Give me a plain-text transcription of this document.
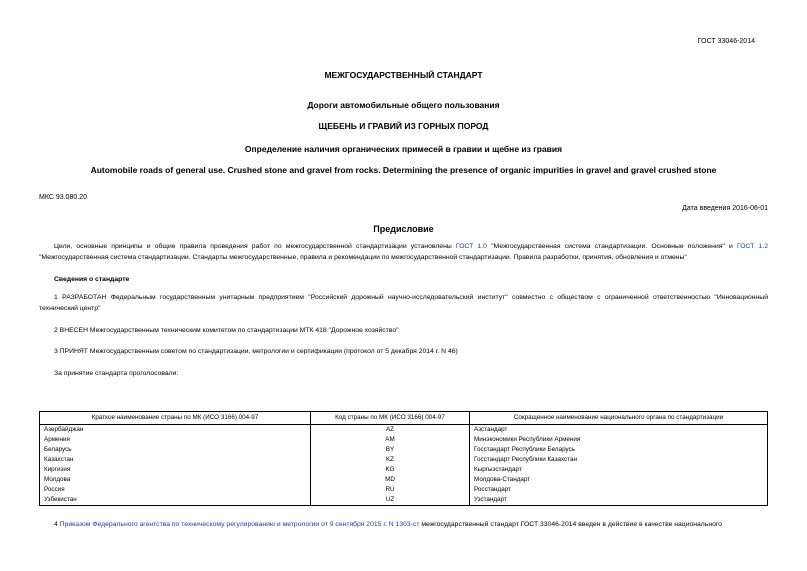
ГОСТ 33046-2014
МЕЖГОСУДАРСТВЕННЫЙ СТАНДАРТ
Дороги автомобильные общего пользования
ЩЕБЕНЬ И ГРАВИЙ ИЗ ГОРНЫХ ПОРОД
Определение наличия органических примесей в гравии и щебне из гравия
Automobile roads of general use. Crushed stone and gravel from rocks. Determining the presence of organic impurities in gravel and gravel crushed stone
МКС 93.080.20
Дата введения 2016-06-01
Предисловие
Цели, основные принципы и общие правила проведения работ по межгосударственной стандартизации установлены ГОСТ 1.0 "Межгосударственная система стандартизации. Основные положения" и ГОСТ 1.2 "Межгосударственная система стандартизации. Стандарты межгосударственные, правила и рекомендации по межгосударственной стандартизации. Правила разработки, принятия, обновления и отмены"
Сведения о стандарте
1 РАЗРАБОТАН Федеральным государственным унитарным предприятием "Российский дорожный научно-исследовательский институт" совместно с обществом с ограниченной ответственностью "Инновационный технический центр"
2 ВНЕСЕН Межгосударственным техническим комитетом по стандартизации МТК 418 "Дорожное хозяйство"
3 ПРИНЯТ Межгосударственным советом по стандартизации, метрологии и сертификации (протокол от 5 декабря 2014 г. N 46)
За принятие стандарта проголосовали:
Краткое наименование страны по МК (ИСО 3166) 004-97	Код страны по МК (ИСО 3166) 004-97	Сокращенное наименование национального органа по стандартизации
Азербайджан	AZ	Азстандарт
Армения	AM	Минэкономики Республики Армения
Беларусь	BY	Госстандарт Республики Беларусь
Казахстан	KZ	Госстандарт Республики Казахстан
Киргизия	KG	Кыргызстандарт
Молдова	MD	Молдова-Стандарт
Россия	RU	Росстандарт
Узбекистан	UZ	Узстандарт
4 Приказом Федерального агентства по техническому регулированию и метрологии от 9 сентября 2015 г. N 1303-ст межгосударственный стандарт ГОСТ 33046-2014 введен в действие в качестве национального
